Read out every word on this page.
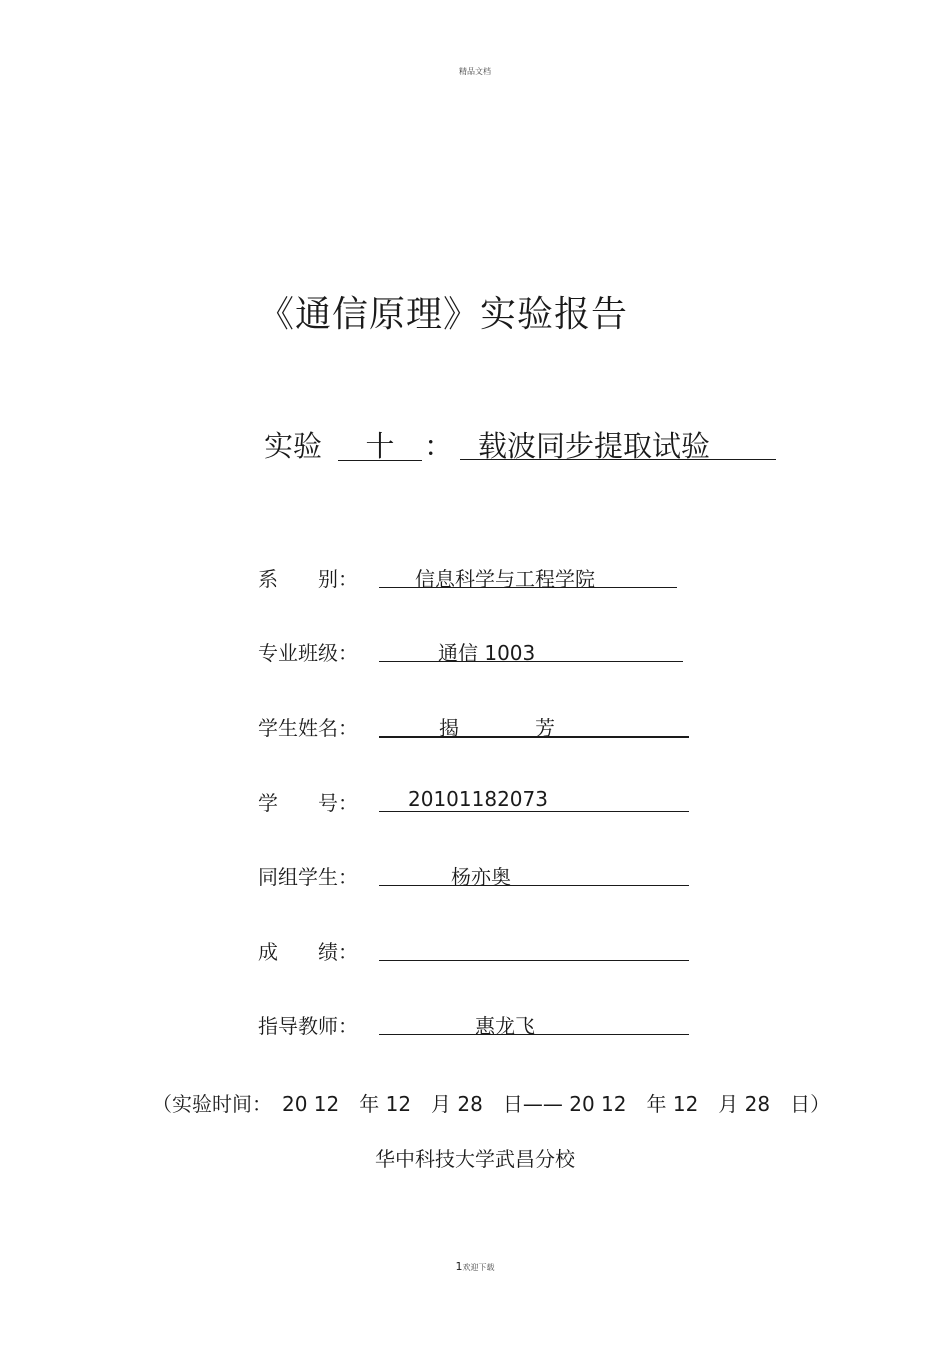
精品文档
《通信原理》实验报告
实验	十	： 载波同步提取试验
系　　别：	信息科学与工程学院
专业班级：	通信 1003
学生姓名：	揭	芳
学　　号：	20101182073
同组学生：	杨亦奥
成　　绩：
指导教师：	惠龙飞
（实验时间：　20 12　年 12　月 28　日—— 20 12　年 12　月 28　日）
华中科技大学武昌分校
1欢迎下载
